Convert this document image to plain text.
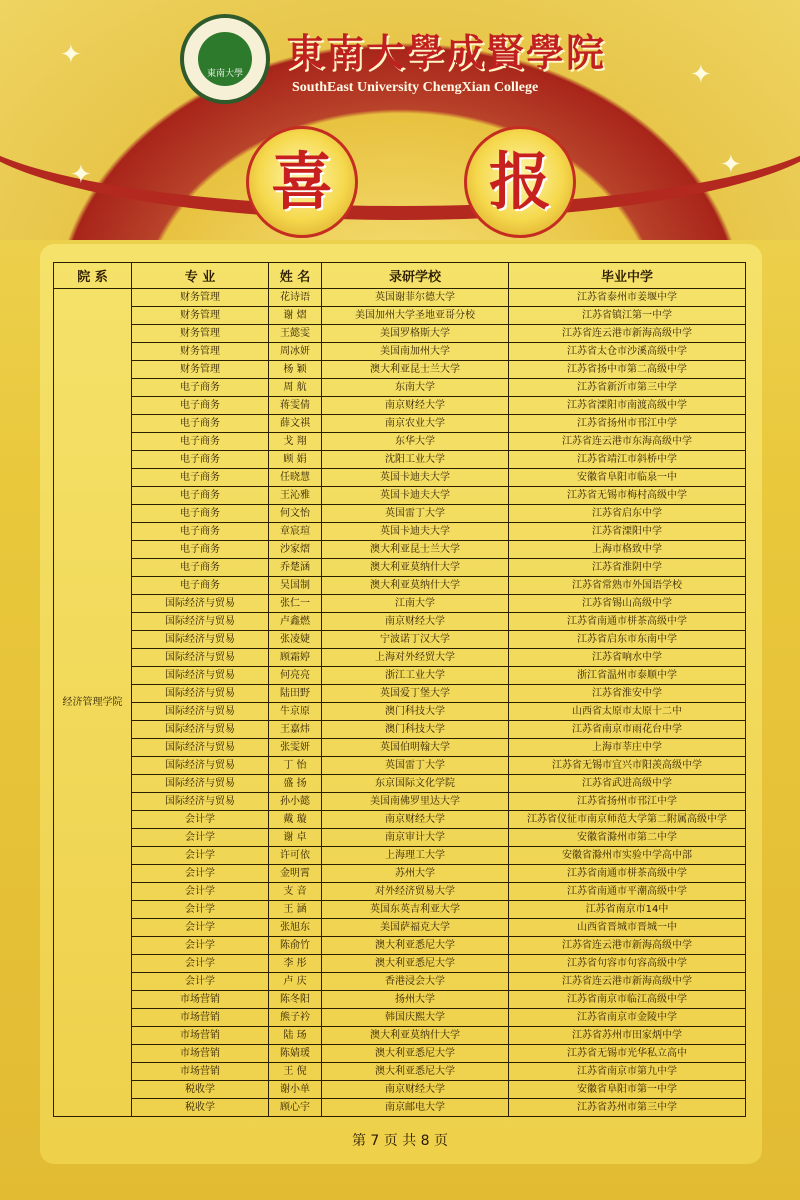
✦
✦
✦
✦
東南大學 東南大學成賢學院
SouthEast University ChengXian College
喜	报
院 系	专 业	姓 名	录研学校	毕业中学
经济管理学院	财务管理	花诗语	英国谢菲尔德大学	江苏省泰州市姜堰中学
	财务管理	谢 熠	美国加州大学圣地亚哥分校	江苏省镇江第一中学
	财务管理	王懿雯	美国罗格斯大学	江苏省连云港市新海高级中学
	财务管理	周冰妍	美国南加州大学	江苏省太仓市沙溪高级中学
	财务管理	杨 颖	澳大利亚昆士兰大学	江苏省扬中市第二高级中学
	电子商务	周 航	东南大学	江苏省新沂市第三中学
	电子商务	蒋雯倩	南京财经大学	江苏省溧阳市南渡高级中学
	电子商务	薛文祺	南京农业大学	江苏省扬州市邗江中学
	电子商务	戈 翔	东华大学	江苏省连云港市东海高级中学
	电子商务	顾 娟	沈阳工业大学	江苏省靖江市斜桥中学
	电子商务	任晓慧	英国卡迪夫大学	安徽省阜阳市临泉一中
	电子商务	王沁雅	英国卡迪夫大学	江苏省无锡市梅村高级中学
	电子商务	何文怡	英国雷丁大学	江苏省启东中学
	电子商务	章宸瑄	英国卡迪夫大学	江苏省溧阳中学
	电子商务	沙家熠	澳大利亚昆士兰大学	上海市格致中学
	电子商务	乔楚涵	澳大利亚莫纳什大学	江苏省淮阴中学
	电子商务	吴国制	澳大利亚莫纳什大学	江苏省常熟市外国语学校
	国际经济与贸易	张仁一	江南大学	江苏省锡山高级中学
	国际经济与贸易	卢鑫燃	南京财经大学	江苏省南通市栟茶高级中学
	国际经济与贸易	张凌婕	宁波诺丁汉大学	江苏省启东市东南中学
	国际经济与贸易	顾霜婷	上海对外经贸大学	江苏省响水中学
	国际经济与贸易	何亮亮	浙江工业大学	浙江省温州市泰顺中学
	国际经济与贸易	陆田野	英国爱丁堡大学	江苏省淮安中学
	国际经济与贸易	牛京原	澳门科技大学	山西省太原市太原十二中
	国际经济与贸易	王嘉炜	澳门科技大学	江苏省南京市雨花台中学
	国际经济与贸易	张雯妍	英国伯明翰大学	上海市莘庄中学
	国际经济与贸易	丁 怡	英国雷丁大学	江苏省无锡市宜兴市阳羡高级中学
	国际经济与贸易	盛 扬	东京国际文化学院	江苏省武进高级中学
	国际经济与贸易	孙小懿	美国南佛罗里达大学	江苏省扬州市邗江中学
	会计学	戴 璇	南京财经大学	江苏省仪征市南京师范大学第二附属高级中学
	会计学	谢 卓	南京审计大学	安徽省滁州市第二中学
	会计学	许可依	上海理工大学	安徽省滁州市实验中学高中部
	会计学	金明霄	苏州大学	江苏省南通市栟茶高级中学
	会计学	支 音	对外经济贸易大学	江苏省南通市平潮高级中学
	会计学	王 涵	英国东英吉利亚大学	江苏省南京市14中
	会计学	张旭东	美国萨福克大学	山西省晋城市晋城一中
	会计学	陈俞竹	澳大利亚悉尼大学	江苏省连云港市新海高级中学
	会计学	李 彤	澳大利亚悉尼大学	江苏省句容市句容高级中学
	会计学	卢 庆	香港浸会大学	江苏省连云港市新海高级中学
	市场营销	陈冬阳	扬州大学	江苏省南京市临江高级中学
	市场营销	熊子衿	韩国庆熙大学	江苏省南京市金陵中学
	市场营销	陆 玚	澳大利亚莫纳什大学	江苏省苏州市田家炳中学
	市场营销	陈婧瑗	澳大利亚悉尼大学	江苏省无锡市光华私立高中
	市场营销	王 倪	澳大利亚悉尼大学	江苏省南京市第九中学
	税收学	谢小单	南京财经大学	安徽省阜阳市第一中学
	税收学	顾心宇	南京邮电大学	江苏省苏州市第三中学
第 7 页 共 8 页
